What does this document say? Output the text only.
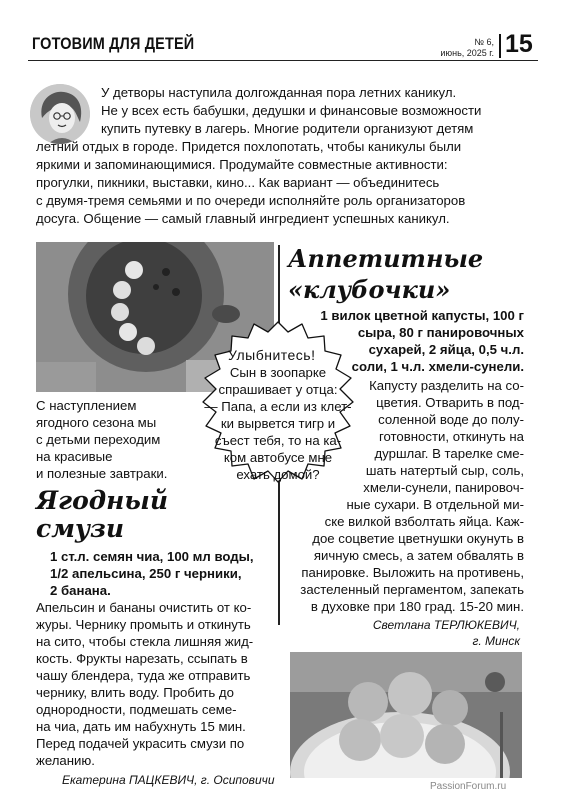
ГОТОВИМ ДЛЯ ДЕТЕЙ	№ 6,
июнь, 2025 г. 15
У детворы наступила долгожданная пора летних каникул.
Не у всех есть бабушки, дедушки и финансовые возможности
купить путевку в лагерь. Многие родители организуют детям
летний отдых в городе. Придется похлопотать, чтобы каникулы были
яркими и запоминающимися. Продумайте совместные активности:
прогулки, пикники, выставки, кино... Как вариант — объединитесь
с двумя-тремя семьями и по очереди исполняйте роль организаторов
досуга. Общение — самый главный ингредиент успешных каникул.
С наступлением
ягодного сезона мы
с детьми переходим
на красивые
и полезные завтраки.
Ягодный
смузи
1 ст.л. семян чиа, 100 мл воды,
1/2 апельсина, 250 г черники,
2 банана.
Апельсин и бананы очистить от ко-
журы. Чернику промыть и откинуть
на сито, чтобы стекла лишняя жид-
кость. Фрукты нарезать, ссыпать в
чашу блендера, туда же отправить
чернику, влить воду. Пробить до
однородности, подмешать семе-
на чиа, дать им набухнуть 15 мин.
Перед подачей украсить смузи по
желанию.
Екатерина ПАЦКЕВИЧ, г. Осиповичи
Аппетитные
«клубочки»
1 вилок цветной капусты, 100 г
сыра, 80 г панировочных
сухарей, 2 яйца, 0,5 ч.л.
соли, 1 ч.л. хмели-сунели.
Капусту разделить на со-
цветия. Отварить в под-
соленной воде до полу-
готовности, откинуть на
дуршлаг. В тарелке сме-
шать натертый сыр, соль,
хмели-сунели, панировоч-
ные сухари. В отдельной ми-
ске вилкой взболтать яйца. Каж-
дое соцветие цветнушки окунуть в
яичную смесь, а затем обвалять в
панировке. Выложить на противень,
застеленный пергаментом, запекать
в духовке при 180 град. 15-20 мин.
Светлана ТЕРЛЮКЕВИЧ,
г. Минск
Улыбнитесь!
Сын в зоопарке
спрашивает у отца:
— Папа, а если из клет-
ки вырвется тигр и
съест тебя, то на ка-
ком автобусе мне
ехать домой?
PassionForum.ru
